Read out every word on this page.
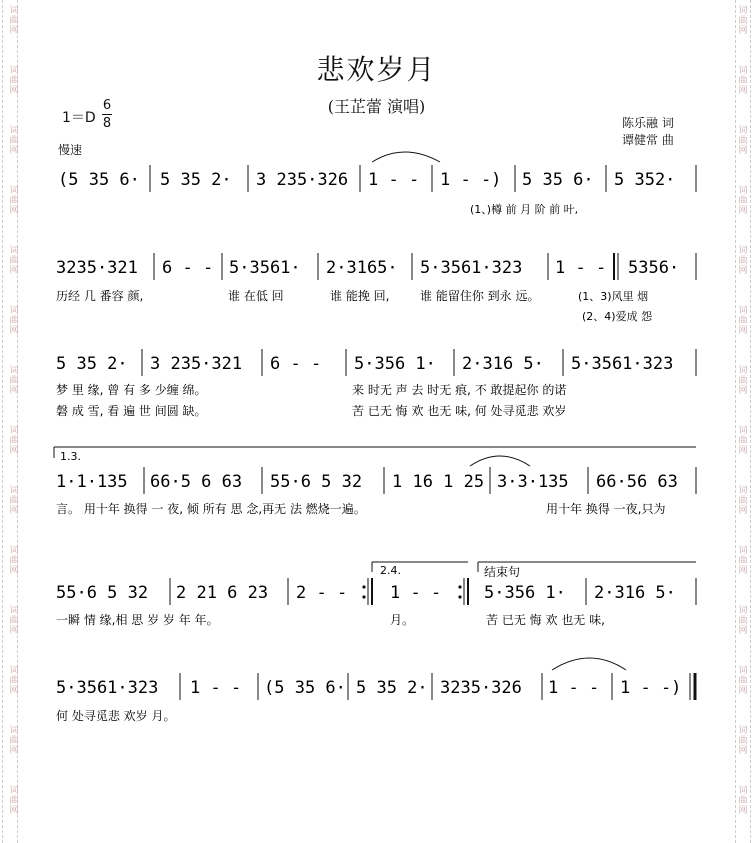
词
曲
网
词
曲
网
词
曲
网
词
曲
网
词
曲
网
词
曲
网
词
曲
网
词
曲
网
词
曲
网
词
曲
网
词
曲
网
词
曲
网
词
曲
网
词
曲
网
词
曲
网
词
曲
网
词
曲
网
词
曲
网
词
曲
网
词
曲
网
词
曲
网
词
曲
网
词
曲
网
词
曲
网
词
曲
网
词
曲
网
词
曲
网
词
曲
网
悲欢岁月
(王芷蕾 演唱)
1＝D
6
8	陈乐融 词
谭健常 曲
慢速
(5 35 6· 5 35 2· 3 235·326 1 - - 1 - -) 5 35 6· 5 352·
(1、)樽 前 月 阶 前 叶,
3235·321 6 - - 5·3561· 2·3165· 5·3561·323 1 - - 5356·
历经 几 番容 颜,	谁 在低 回	谁 能挽 回,	谁 能留住你 到永 远。	(1、3)风里 烟
(2、4)爱成 怨
5 35 2· 3 235·321 6 - - 5·356 1· 2·316 5· 5·3561·323
梦 里 缘, 曾 有 多 少缠 绵。	来 时无 声 去 时无 痕, 不 敢提起你 的诺
磐 成 雪, 看 遍 世 间圆 缺。	苦 已无 悔 欢 也无 味, 何 处寻觅悲 欢岁
1.3.
1·1·135 66·5 6 63 55·6 5 32 1 16 1 25 3·3·135 66·56 63
言。 用十年 换得 一 夜, 倾 所有 思 念,再无 法 燃烧一遍。	用十年 换得 一夜,只为
2.4.	结束句
55·6 5 32 2 21 6 23 2 - -	1 - -	5·356 1· 2·316 5·
一瞬 情 缘,相 思 岁 岁 年 年。	月。	苦 已无 悔 欢 也无 味,
5·3561·323 1 - - (5 35 6· 5 35 2· 3235·326 1 - - 1 - -)
何 处寻觅悲 欢岁 月。
